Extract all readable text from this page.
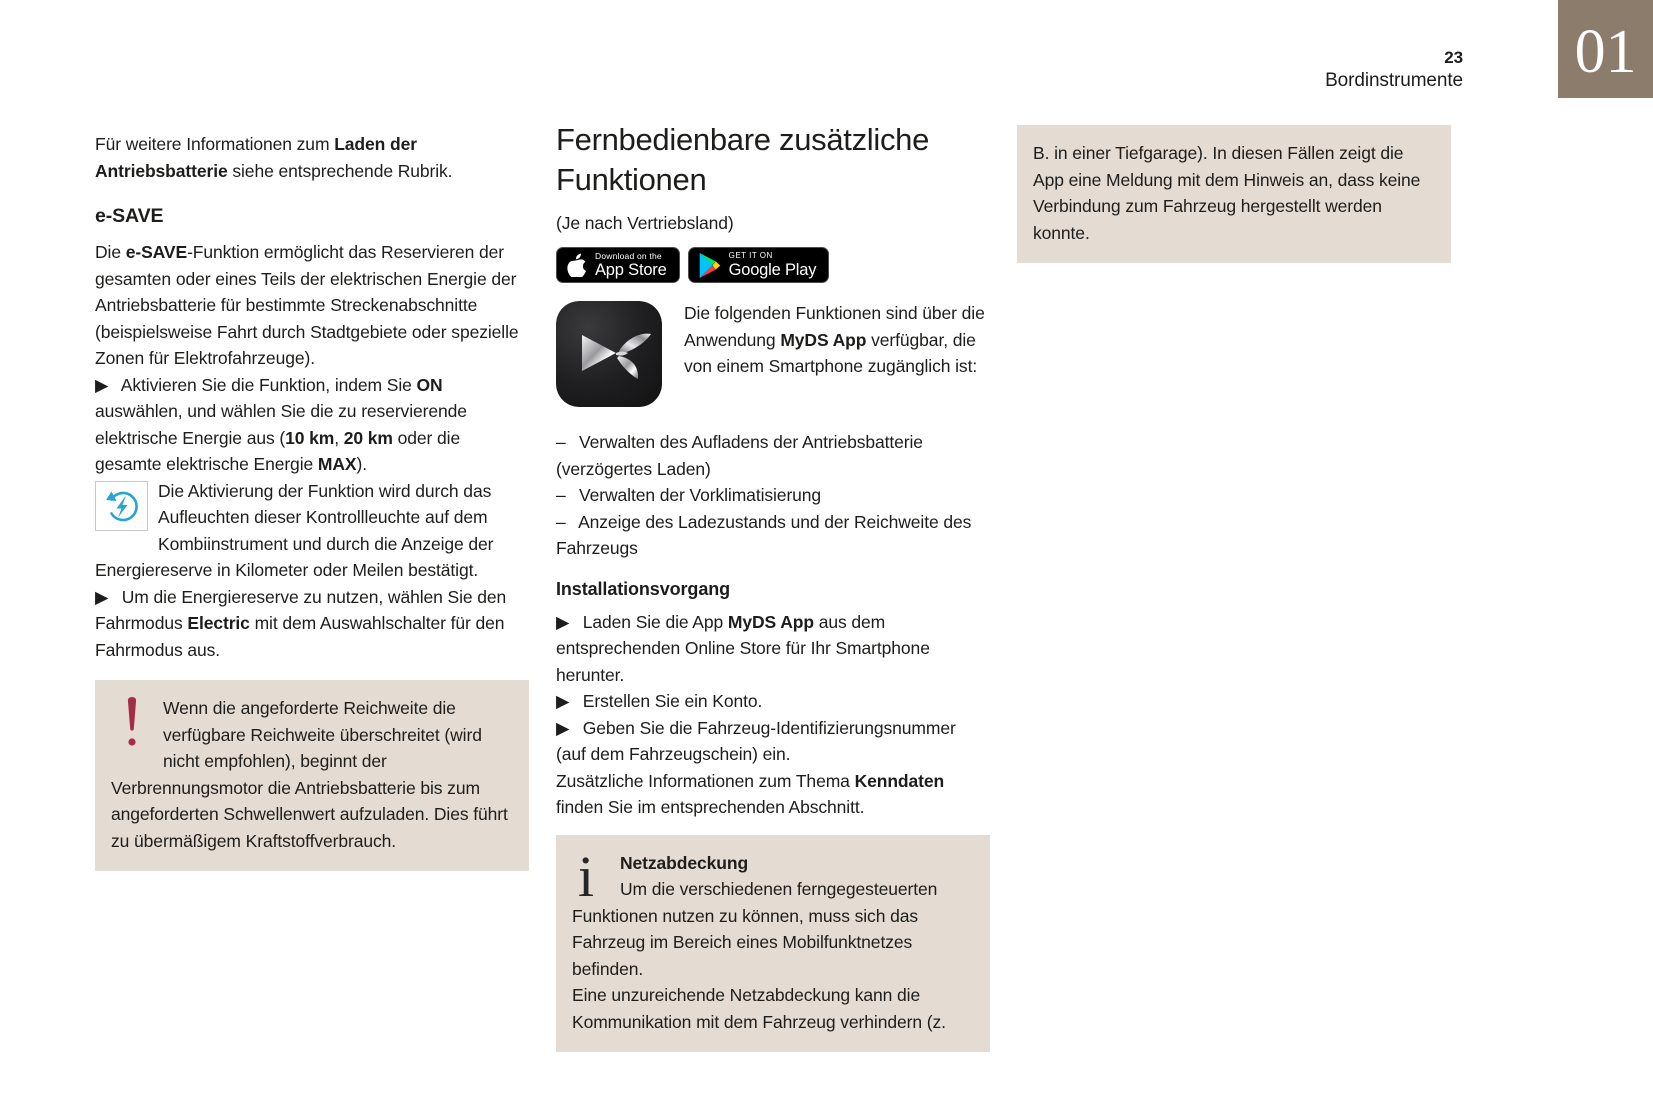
23
Bordinstrumente 01

Für weitere Informationen zum Laden der Antriebsbatterie siehe entsprechende Rubrik.

e-SAVE

Die e-SAVE-Funktion ermöglicht das Reservieren der gesamten oder eines Teils der elektrischen Energie der Antriebsbatterie für bestimmte Streckenabschnitte (beispielsweise Fahrt durch Stadtgebiete oder spezielle Zonen für Elektrofahrzeuge).

▶  Aktivieren Sie die Funktion, indem Sie ON auswählen, und wählen Sie die zu reservierende elektrische Energie aus (10 km, 20 km oder die gesamte elektrische Energie MAX).

Die Aktivierung der Funktion wird durch das Aufleuchten dieser Kontrollleuchte auf dem Kombiinstrument und durch die Anzeige der Energiereserve in Kilometer oder Meilen bestätigt.

▶  Um die Energiereserve zu nutzen, wählen Sie den Fahrmodus Electric mit dem Auswahlschalter für den Fahrmodus aus.

Wenn die angeforderte Reichweite die verfügbare Reichweite überschreitet (wird nicht empfohlen), beginnt der Verbrennungsmotor die Antriebsbatterie bis zum angeforderten Schwellenwert aufzuladen. Dies führt zu übermäßigem Kraftstoffverbrauch.
Fernbedienbare zusätzliche Funktionen
(Je nach Vertriebsland)
Download on the
App Store
GET IT ON
Google Play
Die folgenden Funktionen sind über die Anwendung MyDS App verfügbar, die von einem Smartphone zugänglich ist:

–  Verwalten des Aufladens der Antriebsbatterie (verzögertes Laden)

–  Verwalten der Vorklimatisierung

–  Anzeige des Ladezustands und der Reichweite des Fahrzeugs

Installationsvorgang

▶  Laden Sie die App MyDS App aus dem entsprechenden Online Store für Ihr Smartphone herunter.

▶  Erstellen Sie ein Konto.

▶  Geben Sie die Fahrzeug-Identifizierungsnummer (auf dem Fahrzeugschein) ein.

Zusätzliche Informationen zum Thema Kenndaten finden Sie im entsprechenden Abschnitt.

i	Netzabdeckung
Um die verschiedenen ferngegesteuerten Funktionen nutzen zu können, muss sich das Fahrzeug im Bereich eines Mobilfunktnetzes befinden.
Eine unzureichende Netzabdeckung kann die Kommunikation mit dem Fahrzeug verhindern (z.
B. in einer Tiefgarage). In diesen Fällen zeigt die App eine Meldung mit dem Hinweis an, dass keine Verbindung zum Fahrzeug hergestellt werden konnte.
